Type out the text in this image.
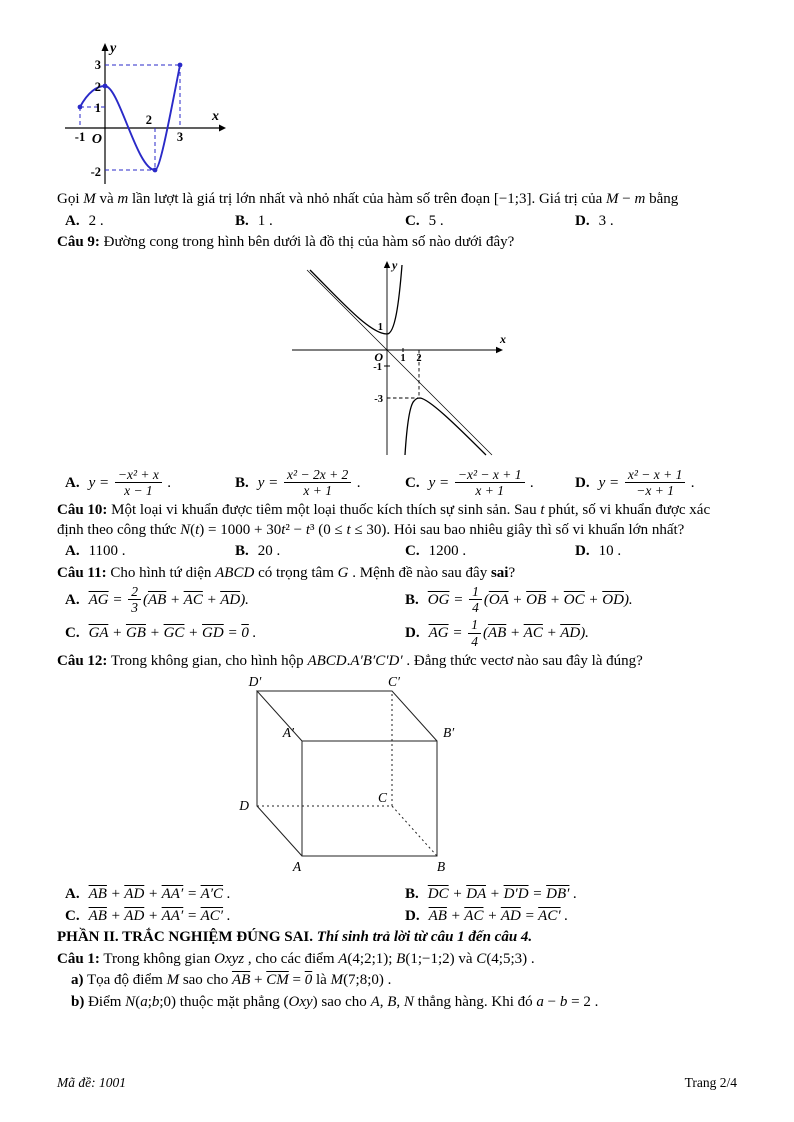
y
x
O
3
2
1
-1
2
3
-2

Gọi M và m lần lượt là giá trị lớn nhất và nhỏ nhất của hàm số trên đoạn [−1;3]. Giá trị của M − m bằng

A. 2 .	B. 1 .	C. 5 .	D. 3 .

Câu 9: Đường cong trong hình bên dưới là đồ thị của hàm số nào dưới đây?

y
x
O
1
1 2
-1
-3
A. $y = \frac{\text{−x² + x}}{x - 1}$ .	B. $y = \frac{\text{x² − 2x + 2}}{x + 1}$ .	C. $y = \frac{\text{−x² − x + 1}}{x + 1}$ .	D. $y = \frac{\text{x² − x + 1}}{-x + 1}$ .

Câu 10: Một loại vi khuẩn được tiêm một loại thuốc kích thích sự sinh sản. Sau t phút, số vi khuẩn được xác định theo công thức N(t) = 1000 + 30t² − t³ (0 ≤ t ≤ 30). Hỏi sau bao nhiêu giây thì số vi khuẩn lớn nhất?

A. 1100 .	B. 20 .	C. 1200 .	D. 10 .

Câu 11: Cho hình tứ diện ABCD có trọng tâm G . Mệnh đề nào sau đây sai?

A. $\overline{AG} = \frac{2}{3} (\overline{AB} + \overline{AC} + \overline{AD})$.	B. $\overline{OG} = \frac{1}{4} (\overline{OA} + \overline{OB} + \overline{OC} + \overline{OD})$.
C. $\overline{GA} + \overline{GB} + \overline{GC} + \overline{GD} = 0$ .	D. $\overline{AG} = \frac{1}{4} (\overline{AB} + \overline{AC} + \overline{AD})$.

Câu 12: Trong không gian, cho hình hộp ABCD.A′B′C′D′ . Đẳng thức vectơ nào sau đây là đúng?

A	B
C
D
A′	B′
C′
D′
A. $\overline{AB} + \overline{AD} + AA' = A'C$ .	B. $\overline{DC} + \overline{DA} + D'D = DB'$ .
C. $\overline{AB} + \overline{AD} + AA' = AC'$ .	D. $\overline{AB} + \overline{AC} + \overline{AD} = AC'$ .

PHẦN II. TRẮC NGHIỆM ĐÚNG SAI. Thí sinh trả lời từ câu 1 đến câu 4.

Câu 1: Trong không gian Oxyz , cho các điểm A(4;2;1); B(1;−1;2) và C(4;5;3) .

a) Tọa độ điểm M sao cho $\overline{AB} + \overline{CM} = 0$ là M(7;8;0) .

b) Điểm N(a;b;0) thuộc mặt phẳng (Oxy) sao cho A, B, N thẳng hàng. Khi đó a − b = 2 .

Mã đề: 1001	Trang 2/4
